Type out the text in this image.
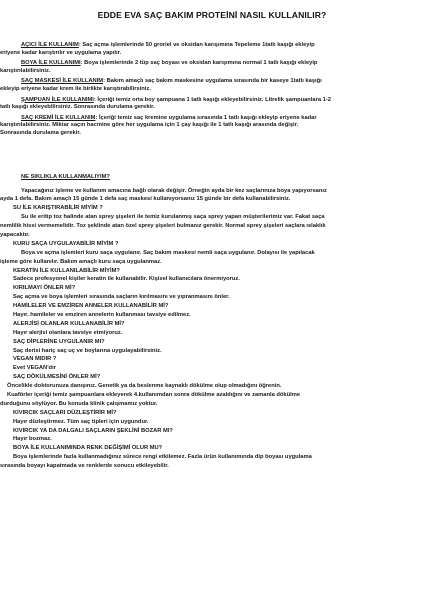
EDDE EVA SAÇ BAKIM PROTEİNİ NASIL KULLANILIR?

AÇICI İLE KULLANIM: Saç açma işlemlerinde 50 groriel ve oksidan karışımına Tepeleme 1tatlı kaşığı ekleyip

eriyene kadar karıştırılır ve uygulama yapılır.

BOYA İLE KULLANIMI: Boya işlemlerinde 2 tüp saç boyası ve oksidan karışımına normal 1 tatlı kaşığı ekleyip

karıştırılabilirsiniz.

SAÇ MASKESİ İLE KULLANIM: Bakım amaçlı saç bakım maskesine uygulama sırasında bir kaseye 1tatlı kaşığı

ekleyip eriyene kadar krem ile birlikte karıştırabilirsiniz.

ŞAMPUAN İLE KULLANIMI: İçeriği temiz orta boy şampuana 1 tatlı kaşığı ekleyebilirsiniz. Litrelik şampuanlara 1-2

tatlı kaşığı ekleyebilirsiniz. Sonrasında durulama gerekir.

SAÇ KREMİ İLE KULLANIM: İçeriği temiz saç kremine uygulama sırasında 1 tatlı kaşığı ekleyip eriyene kadar

karıştırılabilirsiniz. Miktar saçın hacmine göre her uygulama için 1 çay kaşığı ile 1 tatlı kaşığı arasında değişir.

Sonrasında durulama gerekir.

NE SIKLIKLA KULLANMALIYIM?

Yapacağınız işleme ve kullanım amacına bağlı olarak değişir. Örneğin ayda bir kez saçlarınıza boya yapıyorsanız

ayda 1 defa. Bakım amaçlı 15 günde 1 defa saç maskesi kullanıyorsanız 15 günde bir defa kullanabilirsiniz.

SU İLE KARIŞTIRABİLİR MİYİM ?

Su ile eritip toz halinde atan sprey şişeleri ile temiz kurulanmış saça sprey yapan müşterilerimiz var. Fakat saça

nemlilik hissi vermemelidir. Toz şeklinde atan özel sprey şişeleri bulmanız gerekir. Normal sprey şişeleri saçlara ıslaklık

yapacaktır.

KURU SAÇA UYGULAYABİLİR MİYİM ?

Boya ve açma işlemleri kuru saça uygulanır. Saç bakım maskesi nemli saça uygulanır. Dolayısı ile yapılacak

işleme göre kullanılır. Bakım amaçlı kuru saça uygulanmaz.

KERATİN İLE KULLANILABİLİR MİYİM?

Sadece profesyonel kişiler keratin ile kullanabilir. Kişisel kullanıcılara önermiyoruz.

KIRILMAYI ÖNLER Mİ?

Saç açma ve boya işlemleri sırasında saçların kırılmasını ve yıpranmasını önler.

HAMİLELER VE EMZİREN ANNELER KULLANABİLİR Mİ?

Hayır. hamileler ve emziren annelerin kullanması tavsiye edilmez.

ALERJİSİ OLANLAR KULLANABİLİR Mİ?

Hayır alerjisi olanlara tavsiye etmiyoruz.

SAÇ DİPLERİNE UYGULANIR MI?

Saç derisi hariç saç uç ve boylarına uygulayabilirsiniz.

VEGAN MIDIR ?

Evet VEGAN'dır

SAÇ DÖKÜLMESİNİ ÖNLER Mİ?

Öncelikle doktorunuza danışınız. Genetik ya da beslenme kaynaklı dökülme olup olmadığını öğrenin.

Kuaförler içeriği temiz şampuanlara ekleyerek 4.kullanımdan sonra dökülme azaldığını ve zamanla dökülme

durduğunu söylüyor. Bu konuda klinik çalışmamız yoktur.

KIVIRCIK SAÇLARI DÜZLEŞTİRİR Mİ?

Hayır düzleştirmez. Tüm saç tipleri için uygundur.

KIVIRCIK YA DA DALGALI SAÇLARIN ŞEKLİNİ BOZAR MI?

Hayır bozmaz.

BOYA İLE KULLANIMINDA RENK DEĞİŞİMİ OLUR MU?

Boya işlemlerinde fazla kullanmadığınız sürece rengi etkilemez. Fazla ürün kullanımında dip boyası uygulama

sırasında boyayı kapatmada ve renklerde sonucu etkileyebilir.
